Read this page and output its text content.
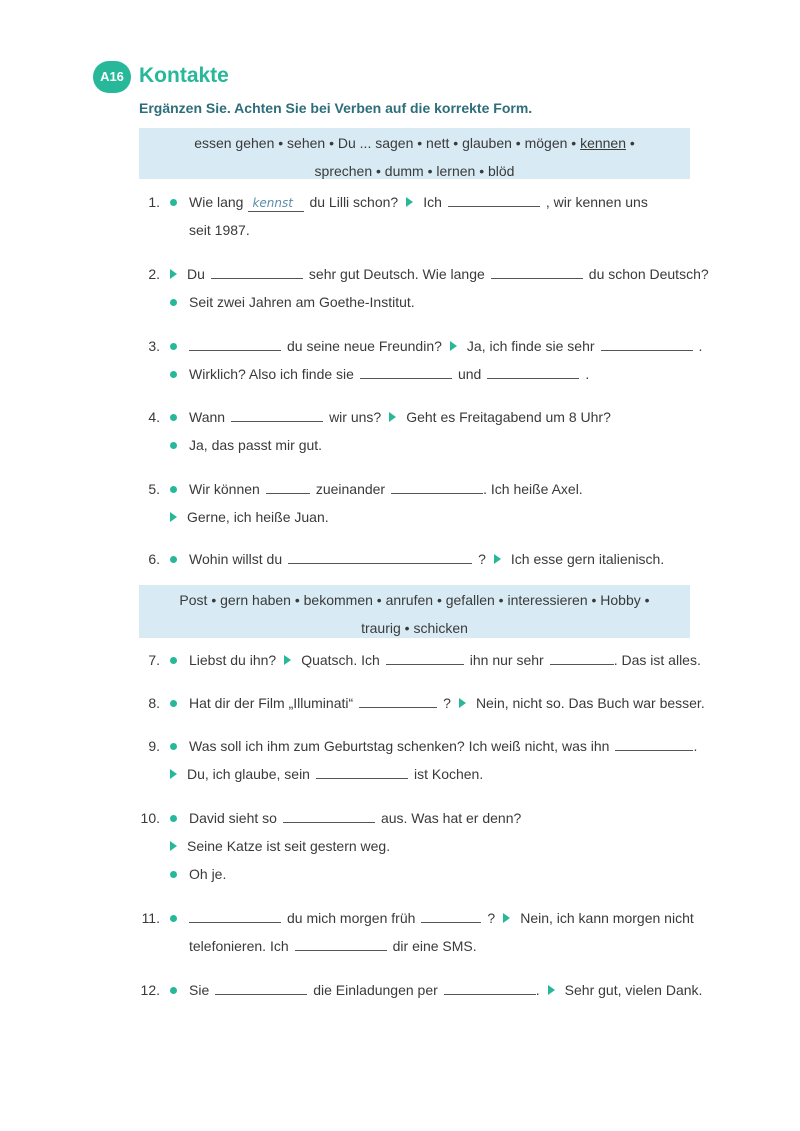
A16 Kontakte
Ergänzen Sie. Achten Sie bei Verben auf die korrekte Form.
essen gehen • sehen • Du ... sagen • nett • glauben • mögen • kennen •
sprechen • dumm • lernen • blöd
1.	Wie lang kennst du Lilli schon? Ich	, wir kennen uns
seit 1987.
2.	Du	sehr gut Deutsch. Wie lange	du schon Deutsch?
Seit zwei Jahren am Goethe-Institut.
3.	du seine neue Freundin? Ja, ich finde sie sehr	.
Wirklich? Also ich finde sie	und	.
4.	Wann	wir uns? Geht es Freitagabend um 8 Uhr?
Ja, das passt mir gut.
5.	Wir können	zueinander	. Ich heiße Axel.
Gerne, ich heiße Juan.
6.	Wohin willst du	? Ich esse gern italienisch.
Post • gern haben • bekommen • anrufen • gefallen • interessieren • Hobby •
traurig • schicken
7.	Liebst du ihn? Quatsch. Ich	ihn nur sehr	. Das ist alles.
8.	Hat dir der Film „Illuminati“	? Nein, nicht so. Das Buch war besser.
9.	Was soll ich ihm zum Geburtstag schenken? Ich weiß nicht, was ihn	.
Du, ich glaube, sein	ist Kochen.
10.	David sieht so	aus. Was hat er denn?
Seine Katze ist seit gestern weg.
Oh je.
11.	du mich morgen früh	? Nein, ich kann morgen nicht
telefonieren. Ich	dir eine SMS.
12.	Sie	die Einladungen per	. Sehr gut, vielen Dank.
